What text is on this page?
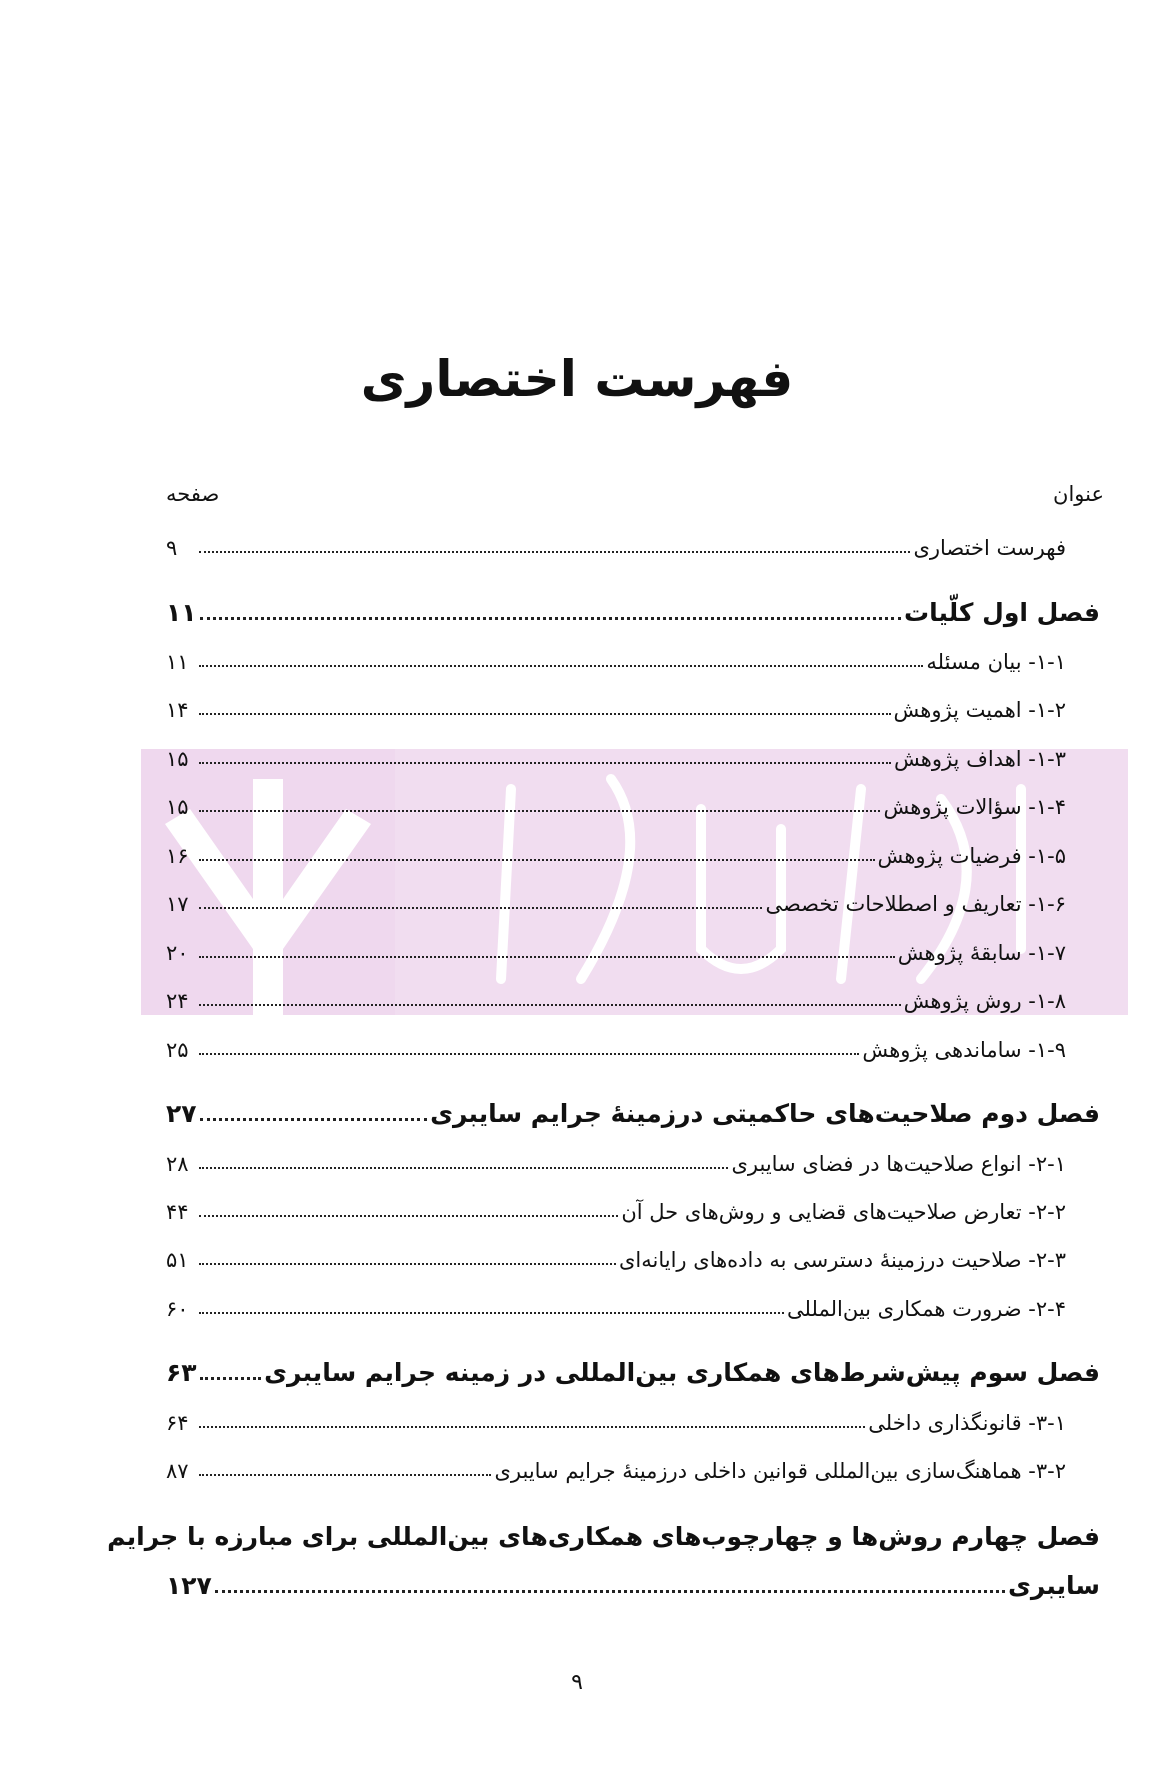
فهرست اختصاری
عنوان
صفحه
فهرست اختصاری
۹
فصل اول کلّیات
۱۱
۱-۱- بیان مسئله
۱۱
۱-۲- اهمیت پژوهش
۱۴
۱-۳- اهداف پژوهش
۱۵
۱-۴- سؤالات پژوهش
۱۵
۱-۵- فرضیات پژوهش
۱۶
۱-۶- تعاریف و اصطلاحات تخصصی
۱۷
۱-۷- سابقهٔ پژوهش
۲۰
۱-۸- روش پژوهش
۲۴
۱-۹- ساماندهی پژوهش
۲۵
فصل دوم صلاحیت‌های حاکمیتی درزمینهٔ جرایم سایبری
۲۷
۲-۱- انواع صلاحیت‌ها در فضای سایبری
۲۸
۲-۲- تعارض صلاحیت‌های قضایی و روش‌های حل آن
۴۴
۲-۳- صلاحیت درزمینهٔ دسترسی به داده‌های رایانه‌ای
۵۱
۲-۴- ضرورت همکاری بین‌المللی
۶۰
فصل سوم پیش‌شرط‌های همکاری بین‌المللی در زمینه جرایم سایبری
۶۳
۳-۱- قانونگذاری داخلی
۶۴
۳-۲- هماهنگ‌سازی بین‌المللی قوانین داخلی درزمینهٔ جرایم سایبری
۸۷
فصل چهارم روش‌ها و چهارچوب‌های همکاری‌های بین‌المللی برای مبارزه با جرایم
سایبری
۱۲۷
۹
